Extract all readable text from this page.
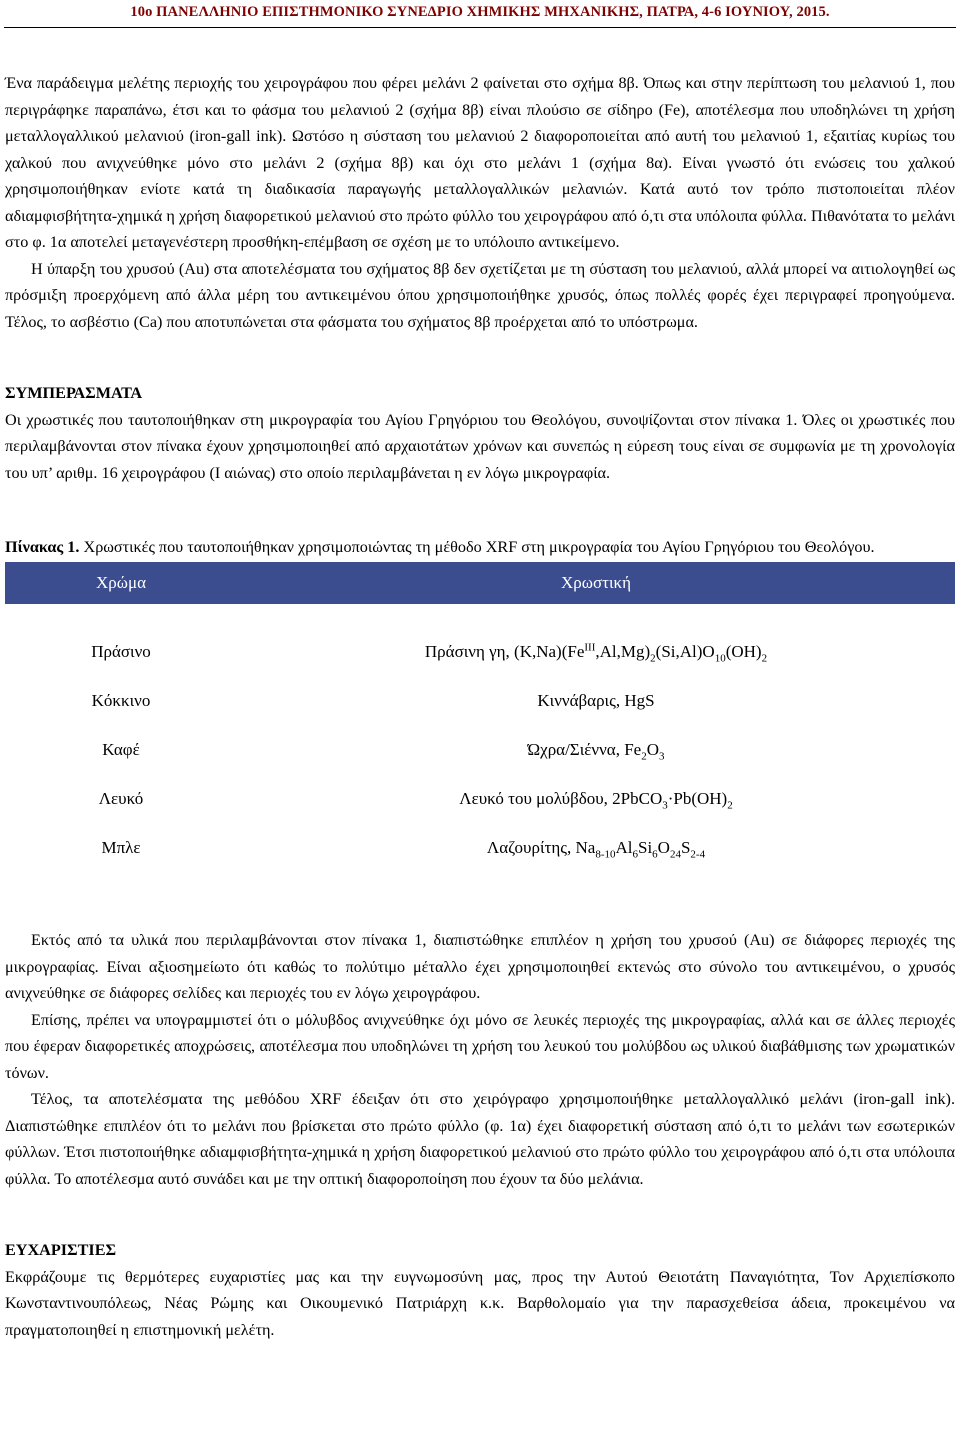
10ο ΠΑΝΕΛΛΗΝΙΟ ΕΠΙΣΤΗΜΟΝΙΚΟ ΣΥΝΕΔΡΙΟ ΧΗΜΙΚΗΣ ΜΗΧΑΝΙΚΗΣ, ΠΑΤΡΑ, 4-6 ΙΟΥΝΙΟΥ, 2015.

Ένα παράδειγμα μελέτης περιοχής του χειρογράφου που φέρει μελάνι 2 φαίνεται στο σχήμα 8β. Όπως και στην περίπτωση του μελανιού 1, που περιγράφηκε παραπάνω, έτσι και το φάσμα του μελανιού 2 (σχήμα 8β) είναι πλούσιο σε σίδηρο (Fe), αποτέλεσμα που υποδηλώνει τη χρήση μεταλλογαλλικού μελανιού (iron-gall ink). Ωστόσο η σύσταση του μελανιού 2 διαφοροποιείται από αυτή του μελανιού 1, εξαιτίας κυρίως του χαλκού που ανιχνεύθηκε μόνο στο μελάνι 2 (σχήμα 8β) και όχι στο μελάνι 1 (σχήμα 8α). Είναι γνωστό ότι ενώσεις του χαλκού χρησιμοποιήθηκαν ενίοτε κατά τη διαδικασία παραγωγής μεταλλογαλλικών μελανιών. Κατά αυτό τον τρόπο πιστοποιείται πλέον αδιαμφισβήτητα-χημικά η χρήση διαφορετικού μελανιού στο πρώτο φύλλο του χειρογράφου από ό,τι στα υπόλοιπα φύλλα. Πιθανότατα το μελάνι στο φ. 1α αποτελεί μεταγενέστερη προσθήκη-επέμβαση σε σχέση με το υπόλοιπο αντικείμενο.

Η ύπαρξη του χρυσού (Au) στα αποτελέσματα του σχήματος 8β δεν σχετίζεται με τη σύσταση του μελανιού, αλλά μπορεί να αιτιολογηθεί ως πρόσμιξη προερχόμενη από άλλα μέρη του αντικειμένου όπου χρησιμοποιήθηκε χρυσός, όπως πολλές φορές έχει περιγραφεί προηγούμενα. Τέλος, το ασβέστιο (Ca) που αποτυπώνεται στα φάσματα του σχήματος 8β προέρχεται από το υπόστρωμα.

ΣΥΜΠΕΡΑΣΜΑΤΑ

Οι χρωστικές που ταυτοποιήθηκαν στη μικρογραφία του Αγίου Γρηγόριου του Θεολόγου, συνοψίζονται στον πίνακα 1. Όλες οι χρωστικές που περιλαμβάνονται στον πίνακα έχουν χρησιμοποιηθεί από αρχαιοτάτων χρόνων και συνεπώς η εύρεση τους είναι σε συμφωνία με τη χρονολογία του υπ’ αριθμ. 16 χειρογράφου (Ι αιώνας) στο οποίο περιλαμβάνεται η εν λόγω μικρογραφία.

Πίνακας 1. Χρωστικές που ταυτοποιήθηκαν χρησιμοποιώντας τη μέθοδο XRF στη μικρογραφία του Αγίου Γρηγόριου του Θεολόγου.

Χρώμα	Χρωστική

Πράσινο	Πράσινη γη, $(K,Na)(Fe^{III},Al,Mg)_2(Si,Al)O_{10}(OH)_2$
Κόκκινο	Κιννάβαρις, HgS
Καφέ	Ώχρα/Σιέννα, $Fe_2O_3$
Λευκό	Λευκό του μολύβδου, $2PbCO_3\cdot Pb(OH)_2$
Μπλε	Λαζουρίτης, $Na_{8-10}Al_6Si_6O_{24}S_{2-4}$

Εκτός από τα υλικά που περιλαμβάνονται στον πίνακα 1, διαπιστώθηκε επιπλέον η χρήση του χρυσού (Au) σε διάφορες περιοχές της μικρογραφίας. Είναι αξιοσημείωτο ότι καθώς το πολύτιμο μέταλλο έχει χρησιμοποιηθεί εκτενώς στο σύνολο του αντικειμένου, ο χρυσός ανιχνεύθηκε σε διάφορες σελίδες και περιοχές του εν λόγω χειρογράφου.

Επίσης, πρέπει να υπογραμμιστεί ότι ο μόλυβδος ανιχνεύθηκε όχι μόνο σε λευκές περιοχές της μικρογραφίας, αλλά και σε άλλες περιοχές που έφεραν διαφορετικές αποχρώσεις, αποτέλεσμα που υποδηλώνει τη χρήση του λευκού του μολύβδου ως υλικού διαβάθμισης των χρωματικών τόνων.

Τέλος, τα αποτελέσματα της μεθόδου XRF έδειξαν ότι στο χειρόγραφο χρησιμοποιήθηκε μεταλλογαλλικό μελάνι (iron-gall ink). Διαπιστώθηκε επιπλέον ότι το μελάνι που βρίσκεται στο πρώτο φύλλο (φ. 1α) έχει διαφορετική σύσταση από ό,τι το μελάνι των εσωτερικών φύλλων. Έτσι πιστοποιήθηκε αδιαμφισβήτητα-χημικά η χρήση διαφορετικού μελανιού στο πρώτο φύλλο του χειρογράφου από ό,τι στα υπόλοιπα φύλλα. Το αποτέλεσμα αυτό συνάδει και με την οπτική διαφοροποίηση που έχουν τα δύο μελάνια.

ΕΥΧΑΡΙΣΤΙΕΣ

Εκφράζουμε τις θερμότερες ευχαριστίες μας και την ευγνωμοσύνη μας, προς την Αυτού Θειοτάτη Παναγιότητα, Τον Αρχιεπίσκοπο Κωνσταντινουπόλεως, Νέας Ρώμης και Οικουμενικό Πατριάρχη κ.κ. Βαρθολομαίο για την παρασχεθείσα άδεια, προκειμένου να πραγματοποιηθεί η επιστημονική μελέτη.
